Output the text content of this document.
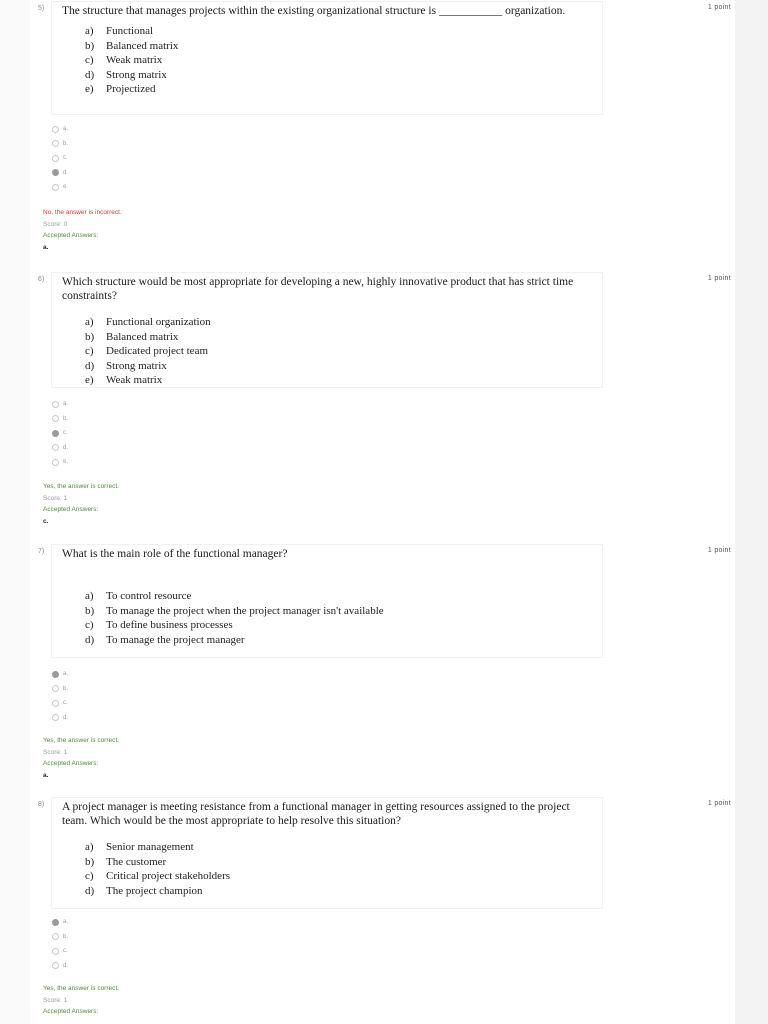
5)	1 point

The structure that manages projects within the existing organizational structure is ___________ organization.

a) Functional
b) Balanced matrix
c) Weak matrix
d) Strong matrix
e) Projectized
a.
b.
c.
d.
e.
No, the answer is incorrect.
Score: 0
Accepted Answers:
a.
6)	1 point

Which structure would be most appropriate for developing a new, highly innovative product that has strict time constraints?

a) Functional organization
b) Balanced matrix
c) Dedicated project team
d) Strong matrix
e) Weak matrix
a.
b.
c.
d.
e.
Yes, the answer is correct.
Score: 1
Accepted Answers:
c.
7)	1 point

What is the main role of the functional manager?

a) To control resource
b) To manage the project when the project manager isn't available
c) To define business processes
d) To manage the project manager
a.
b.
c.
d.
Yes, the answer is correct.
Score: 1
Accepted Answers:
a.
8)	1 point

A project manager is meeting resistance from a functional manager in getting resources assigned to the project team. Which would be the most appropriate to help resolve this situation?

a) Senior management
b) The customer
c) Critical project stakeholders
d) The project champion
a.
b.
c.
d.
Yes, the answer is correct.
Score: 1
Accepted Answers:
